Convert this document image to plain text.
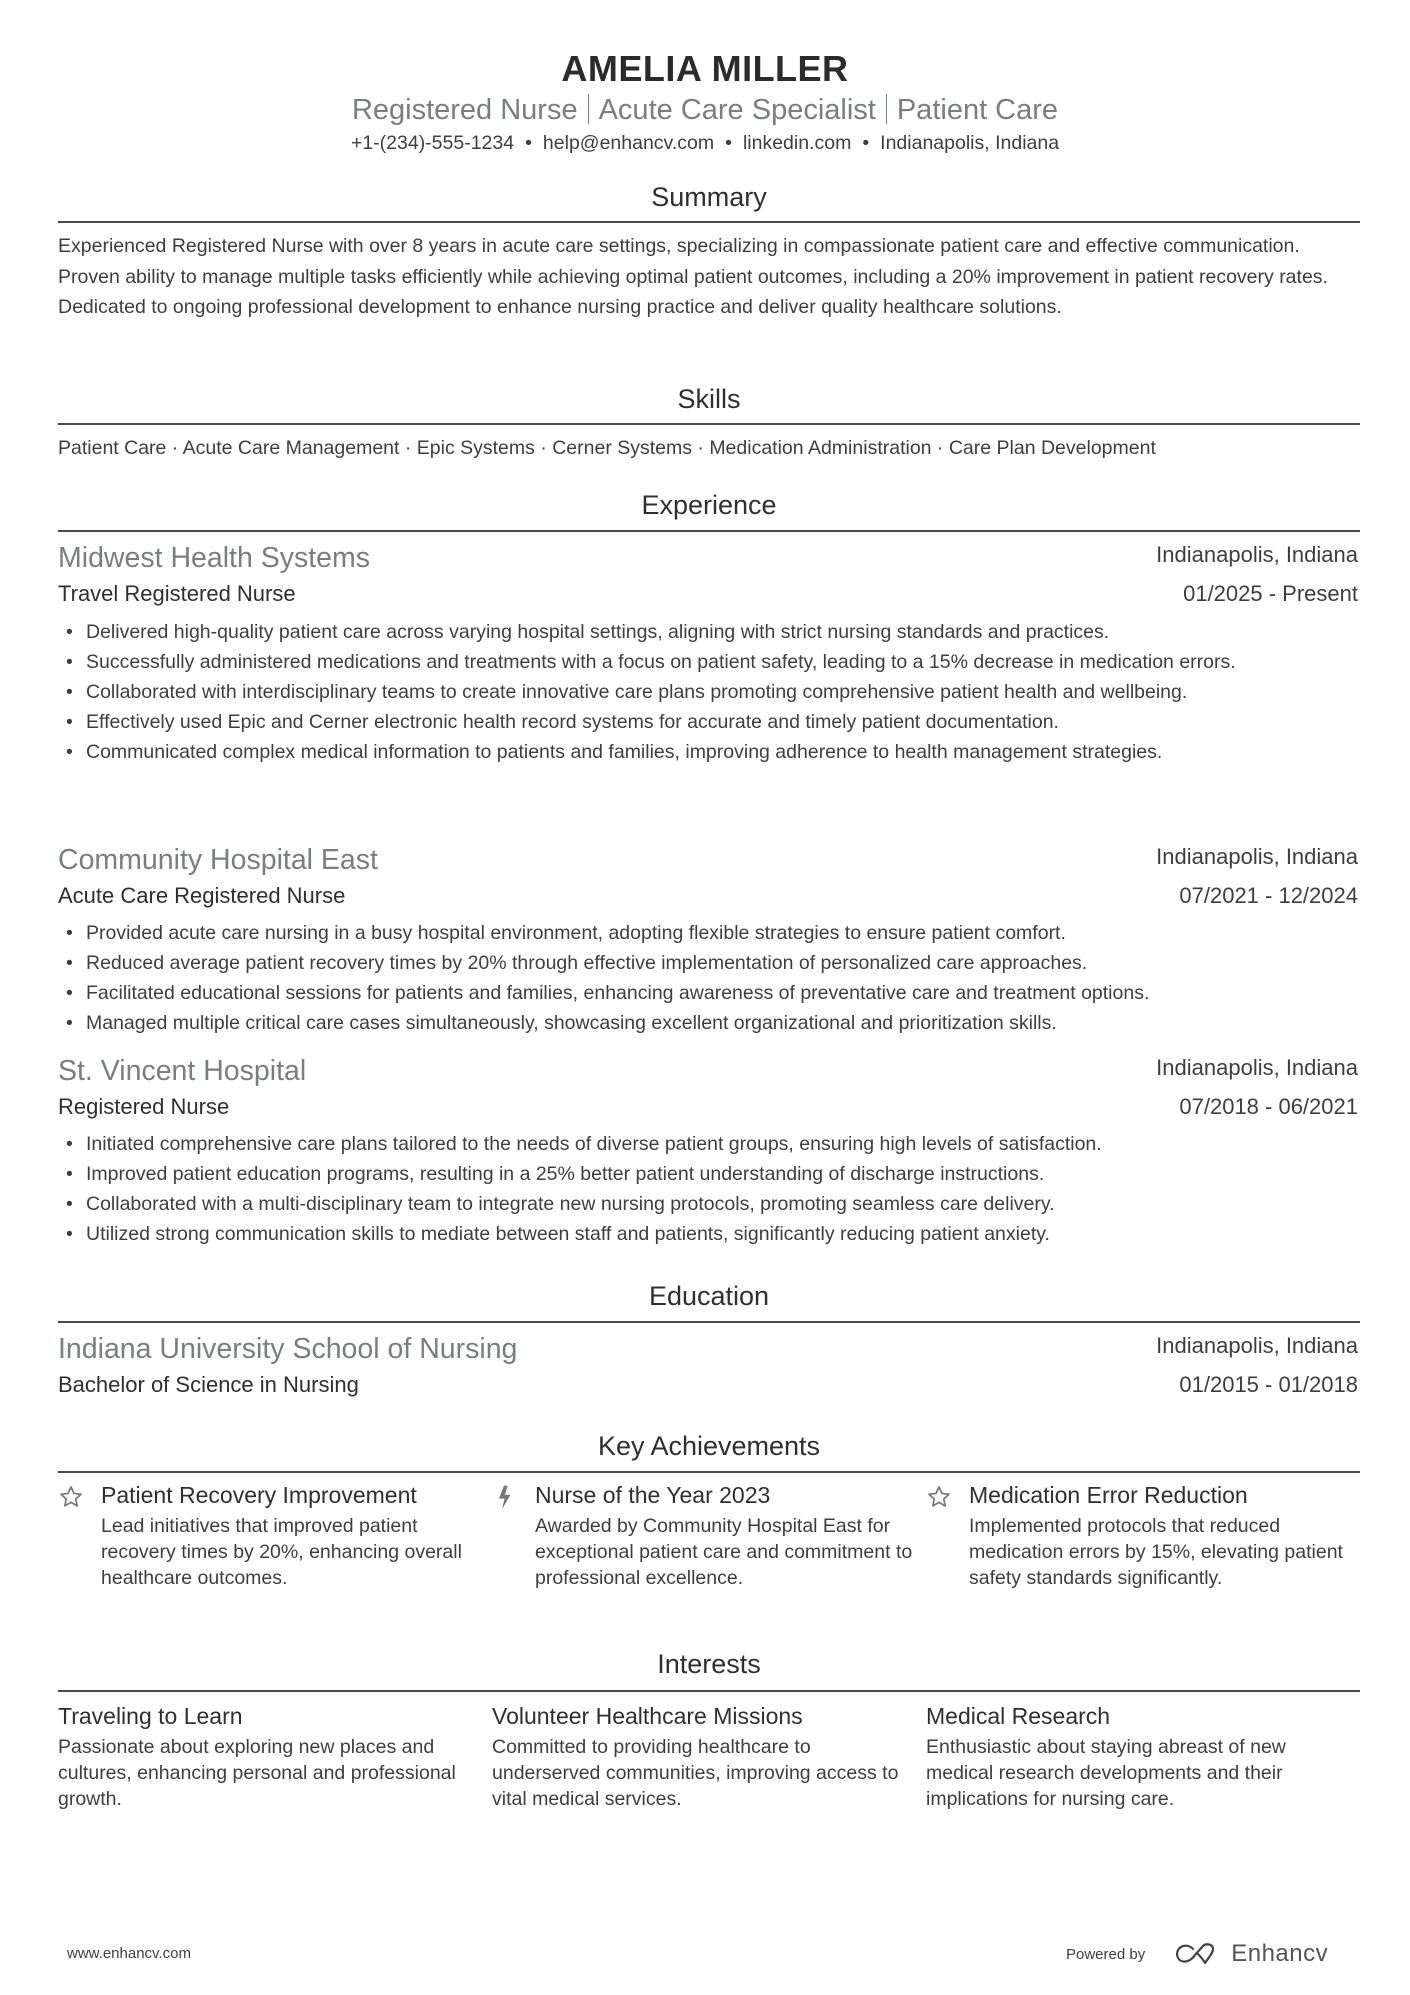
AMELIA MILLER
Registered Nurse Acute Care Specialist Patient Care
+1-(234)-555-1234 • help@enhancv.com • linkedin.com • Indianapolis, Indiana
Summary
Experienced Registered Nurse with over 8 years in acute care settings, specializing in compassionate patient care and effective communication. Proven ability to manage multiple tasks efficiently while achieving optimal patient outcomes, including a 20% improvement in patient recovery rates. Dedicated to ongoing professional development to enhance nursing practice and deliver quality healthcare solutions.
Skills
Patient Care · Acute Care Management · Epic Systems · Cerner Systems · Medication Administration · Care Plan Development
Experience
Midwest Health Systems	Indianapolis, Indiana
Travel Registered Nurse	01/2025 - Present
• Delivered high-quality patient care across varying hospital settings, aligning with strict nursing standards and practices.
• Successfully administered medications and treatments with a focus on patient safety, leading to a 15% decrease in medication errors.
• Collaborated with interdisciplinary teams to create innovative care plans promoting comprehensive patient health and wellbeing.
• Effectively used Epic and Cerner electronic health record systems for accurate and timely patient documentation.
• Communicated complex medical information to patients and families, improving adherence to health management strategies.
Community Hospital East	Indianapolis, Indiana
Acute Care Registered Nurse	07/2021 - 12/2024
• Provided acute care nursing in a busy hospital environment, adopting flexible strategies to ensure patient comfort.
• Reduced average patient recovery times by 20% through effective implementation of personalized care approaches.
• Facilitated educational sessions for patients and families, enhancing awareness of preventative care and treatment options.
• Managed multiple critical care cases simultaneously, showcasing excellent organizational and prioritization skills.
St. Vincent Hospital	Indianapolis, Indiana
Registered Nurse	07/2018 - 06/2021
• Initiated comprehensive care plans tailored to the needs of diverse patient groups, ensuring high levels of satisfaction.
• Improved patient education programs, resulting in a 25% better patient understanding of discharge instructions.
• Collaborated with a multi-disciplinary team to integrate new nursing protocols, promoting seamless care delivery.
• Utilized strong communication skills to mediate between staff and patients, significantly reducing patient anxiety.
Education
Indiana University School of Nursing	Indianapolis, Indiana
Bachelor of Science in Nursing	01/2015 - 01/2018
Key Achievements
Patient Recovery Improvement
Lead initiatives that improved patient recovery times by 20%, enhancing overall healthcare outcomes.
Nurse of the Year 2023
Awarded by Community Hospital East for exceptional patient care and commitment to professional excellence.
Medication Error Reduction
Implemented protocols that reduced medication errors by 15%, elevating patient safety standards significantly.
Interests
Traveling to Learn
Passionate about exploring new places and cultures, enhancing personal and professional growth.
Volunteer Healthcare Missions
Committed to providing healthcare to underserved communities, improving access to vital medical services.
Medical Research
Enthusiastic about staying abreast of new medical research developments and their implications for nursing care.
www.enhancv.com	Powered by	Enhancv
